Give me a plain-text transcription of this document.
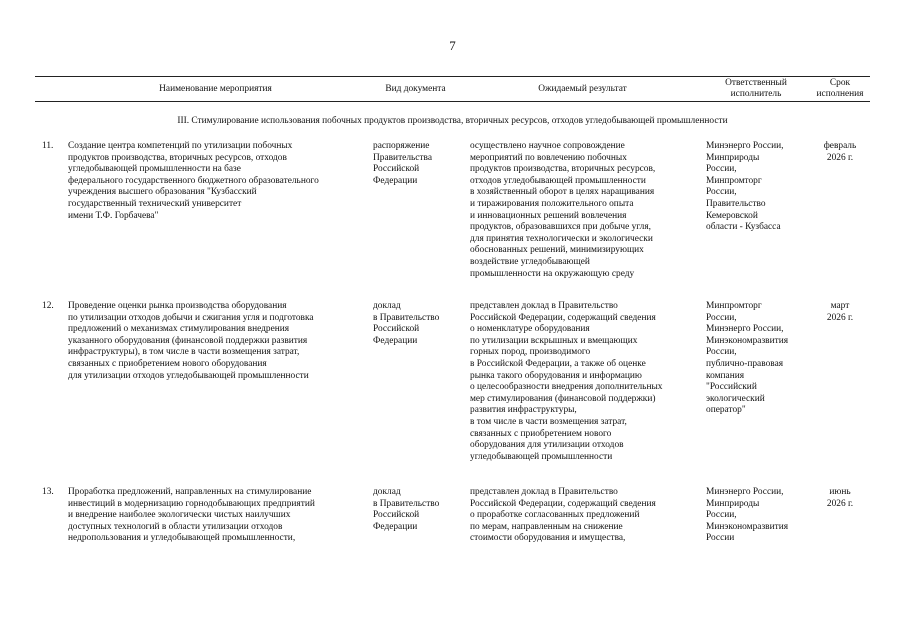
7
Наименование мероприятия	Вид документа	Ожидаемый результат
Ответственный
исполнитель
Срок
исполнения
III. Стимулирование использования побочных продуктов производства, вторичных ресурсов, отходов угледобывающей промышленности
11. Создание центра компетенций по утилизации побочных
продуктов производства, вторичных ресурсов, отходов
угледобывающей промышленности на базе
федерального государственного бюджетного образовательного
учреждения высшего образования "Кузбасский
государственный технический университет
имени Т.Ф. Горбачева"
распоряжение
Правительства
Российской
Федерации
осуществлено научное сопровождение
мероприятий по вовлечению побочных
продуктов производства, вторичных ресурсов,
отходов угледобывающей промышленности
в хозяйственный оборот в целях наращивания
и тиражирования положительного опыта
и инновационных решений вовлечения
продуктов, образовавшихся при добыче угля,
для принятия технологически и экологически
обоснованных решений, минимизирующих
воздействие угледобывающей
промышленности на окружающую среду
Минэнерго России,
Минприроды
России,
Минпромторг
России,
Правительство
Кемеровской
области - Кузбасса
февраль
2026 г.
12. Проведение оценки рынка производства оборудования
по утилизации отходов добычи и сжигания угля и подготовка
предложений о механизмах стимулирования внедрения
указанного оборудования (финансовой поддержки развития
инфраструктуры), в том числе в части возмещения затрат,
связанных с приобретением нового оборудования
для утилизации отходов угледобывающей промышленности
доклад
в Правительство
Российской
Федерации
представлен доклад в Правительство
Российской Федерации, содержащий сведения
о номенклатуре оборудования
по утилизации вскрышных и вмещающих
горных пород, производимого
в Российской Федерации, а также об оценке
рынка такого оборудования и информацию
о целесообразности внедрения дополнительных
мер стимулирования (финансовой поддержки)
развития инфраструктуры,
в том числе в части возмещения затрат,
связанных с приобретением нового
оборудования для утилизации отходов
угледобывающей промышленности
Минпромторг
России,
Минэнерго России,
Минэкономразвития
России,
публично-правовая
компания
"Российский
экологический
оператор"
март
2026 г.
13. Проработка предложений, направленных на стимулирование
инвестиций в модернизацию горнодобывающих предприятий
и внедрение наиболее экологически чистых наилучших
доступных технологий в области утилизации отходов
недропользования и угледобывающей промышленности,
доклад
в Правительство
Российской
Федерации
представлен доклад в Правительство
Российской Федерации, содержащий сведения
о проработке согласованных предложений
по мерам, направленным на снижение
стоимости оборудования и имущества,
Минэнерго России,
Минприроды
России,
Минэкономразвития
России
июнь
2026 г.
